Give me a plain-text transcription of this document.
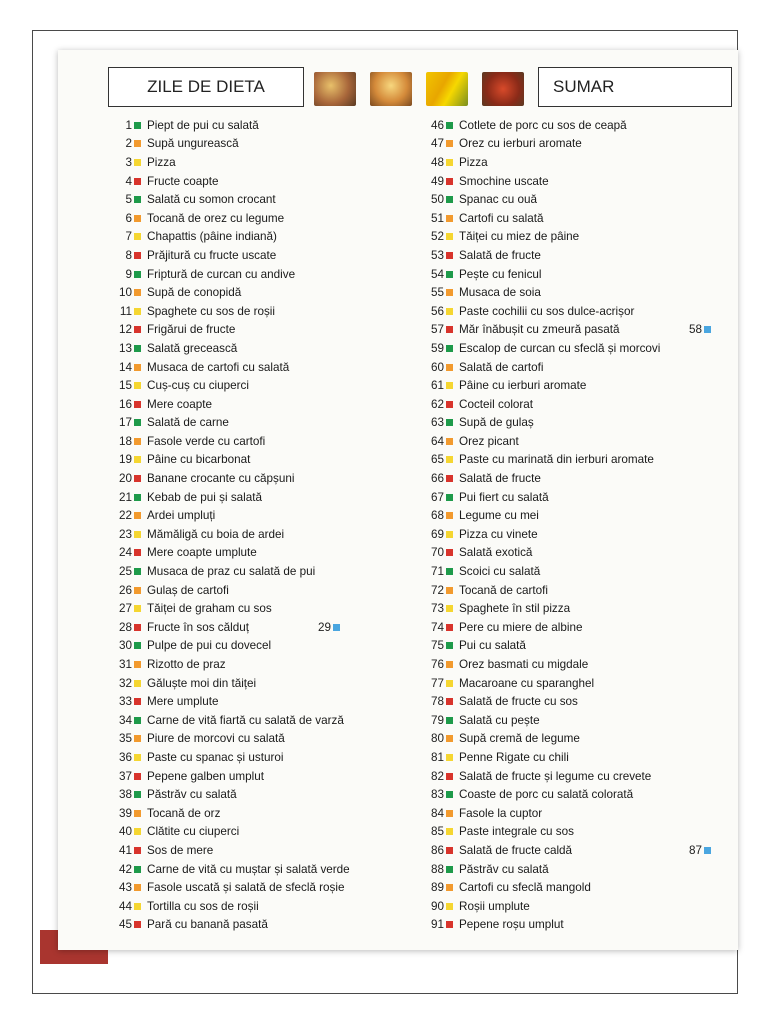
ZILE DE DIETA	SUMAR
1 Piept de pui cu salată
2 Supă ungurească
3 Pizza
4 Fructe coapte
5 Salată cu somon crocant
6 Tocană de orez cu legume
7 Chapattis (pâine indiană)
8 Prăjitură cu fructe uscate
9 Friptură de curcan cu andive
10 Supă de conopidă
11 Spaghete cu sos de roșii
12 Frigărui de fructe
13 Salată grecească
14 Musaca de cartofi cu salată
15 Cuș-cuș cu ciuperci
16 Mere coapte
17 Salată de carne
18 Fasole verde cu cartofi
19 Pâine cu bicarbonat
20 Banane crocante cu căpșuni
21 Kebab de pui și salată
22 Ardei umpluți
23 Mămăligă cu boia de ardei
24 Mere coapte umplute
25 Musaca de praz cu salată de pui
26 Gulaș de cartofi
27 Tăiței de graham cu sos
28 Fructe în sos călduț	29
30 Pulpe de pui cu dovecel
31 Rizotto de praz
32 Găluște moi din tăiței
33 Mere umplute
34 Carne de vită fiartă cu salată de varză
35 Piure de morcovi cu salată
36 Paste cu spanac și usturoi
37 Pepene galben umplut
38 Păstrăv cu salată
39 Tocană de orz
40 Clătite cu ciuperci
41 Sos de mere
42 Carne de vită cu muștar și salată verde
43 Fasole uscată și salată de sfeclă roșie
44 Tortilla cu sos de roșii
45 Pară cu banană pasată
46 Cotlete de porc cu sos de ceapă
47 Orez cu ierburi aromate
48 Pizza
49 Smochine uscate
50 Spanac cu ouă
51 Cartofi cu salată
52 Tăiței cu miez de pâine
53 Salată de fructe
54 Pește cu fenicul
55 Musaca de soia
56 Paste cochilii cu sos dulce-acrișor
57 Măr înăbușit cu zmeură pasată	58
59 Escalop de curcan cu sfeclă și morcovi
60 Salată de cartofi
61 Pâine cu ierburi aromate
62 Cocteil colorat
63 Supă de gulaș
64 Orez picant
65 Paste cu marinată din ierburi aromate
66 Salată de fructe
67 Pui fiert cu salată
68 Legume cu mei
69 Pizza cu vinete
70 Salată exotică
71 Scoici cu salată
72 Tocană de cartofi
73 Spaghete în stil pizza
74 Pere cu miere de albine
75 Pui cu salată
76 Orez basmati cu migdale
77 Macaroane cu sparanghel
78 Salată de fructe cu sos
79 Salată cu pește
80 Supă cremă de legume
81 Penne Rigate cu chili
82 Salată de fructe și legume cu crevete
83 Coaste de porc cu salată colorată
84 Fasole la cuptor
85 Paste integrale cu sos
86 Salată de fructe caldă	87
88 Păstrăv cu salată
89 Cartofi cu sfeclă mangold
90 Roșii umplute
91 Pepene roșu umplut
